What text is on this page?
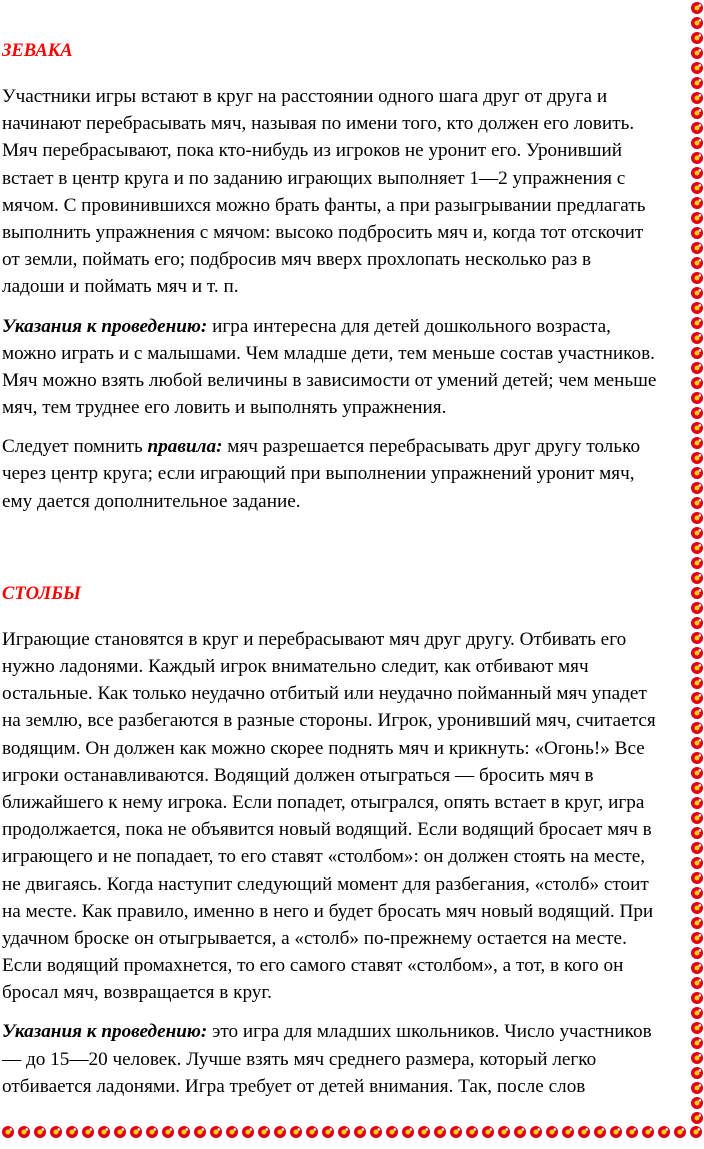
ЗЕВАКА
Участники игры встают в круг на расстоянии одного шага друг от друга и
начинают перебрасывать мяч, называя по имени того, кто должен его ловить.
Мяч перебрасывают, пока кто-нибудь из игроков не уронит его. Уронивший
встает в центр круга и по заданию играющих выполняет 1—2 упражнения с
мячом. С провинившихся можно брать фанты, а при разыгрывании предлагать
выполнить упражнения с мячом: высоко подбросить мяч и, когда тот отскочит
от земли, поймать его; подбросив мяч вверх прохлопать несколько раз в
ладоши и поймать мяч и т. п.
Указания к проведению: игра интересна для детей дошкольного возраста,
можно играть и с малышами. Чем младше дети, тем меньше состав участников.
Мяч можно взять любой величины в зависимости от умений детей; чем меньше
мяч, тем труднее его ловить и выполнять упражнения.
Следует помнить правила: мяч разрешается перебрасывать друг другу только
через центр круга; если играющий при выполнении упражнений уронит мяч,
ему дается дополнительное задание.
СТОЛБЫ
Играющие становятся в круг и перебрасывают мяч друг другу. Отбивать его
нужно ладонями. Каждый игрок внимательно следит, как отбивают мяч
остальные. Как только неудачно отбитый или неудачно пойманный мяч упадет
на землю, все разбегаются в разные стороны. Игрок, уронивший мяч, считается
водящим. Он должен как можно скорее поднять мяч и крикнуть: «Огонь!» Все
игроки останавливаются. Водящий должен отыграться — бросить мяч в
ближайшего к нему игрока. Если попадет, отыгрался, опять встает в круг, игра
продолжается, пока не объявится новый водящий. Если водящий бросает мяч в
играющего и не попадает, то его ставят «столбом»: он должен стоять на месте,
не двигаясь. Когда наступит следующий момент для разбегания, «столб» стоит
на месте. Как правило, именно в него и будет бросать мяч новый водящий. При
удачном броске он отыгрывается, а «столб» по-прежнему остается на месте.
Если водящий промахнется, то его самого ставят «столбом», а тот, в кого он
бросал мяч, возвращается в круг.
Указания к проведению: это игра для младших школьников. Число участников
— до 15—20 человек. Лучше взять мяч среднего размера, который легко
отбивается ладонями. Игра требует от детей внимания. Так, после слов
